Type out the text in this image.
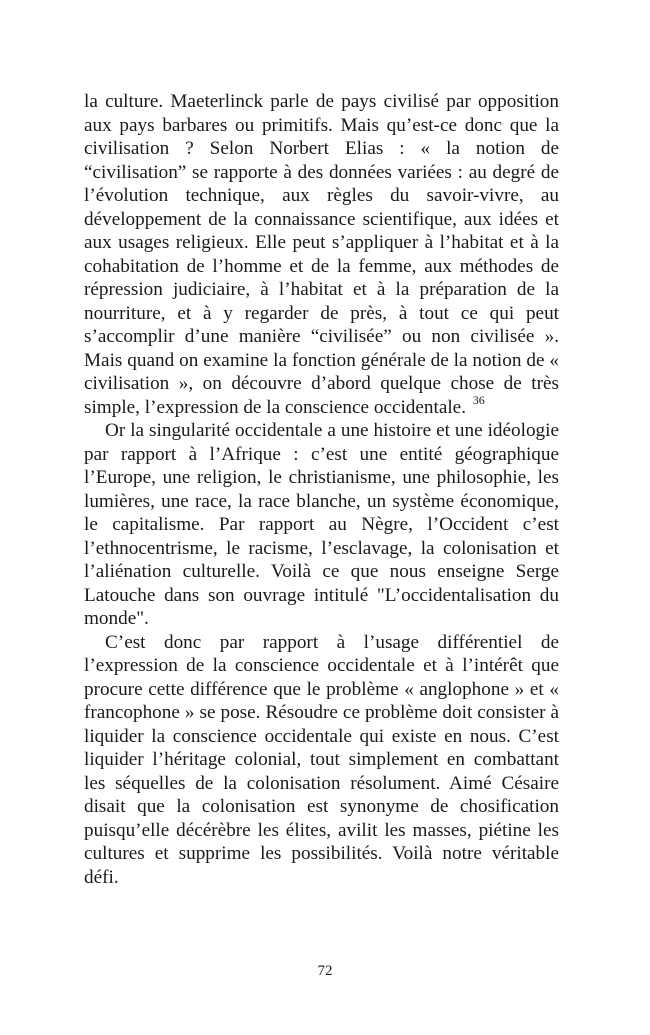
la culture. Maeterlinck parle de pays civilisé par opposition aux pays barbares ou primitifs. Mais qu’est-ce donc que la civilisation ? Selon Norbert Elias : « la notion de “civilisation” se rapporte à des données variées : au degré de l’évolution technique, aux règles du savoir-vivre, au développement de la connaissance scientifique, aux idées et aux usages religieux. Elle peut s’appliquer à l’habitat et à la cohabitation de l’homme et de la femme, aux méthodes de répression judiciaire, à l’habitat et à la préparation de la nourriture, et à y regarder de près, à tout ce qui peut s’accomplir d’une manière “civilisée” ou non civilisée ». Mais quand on examine la fonction générale de la notion de « civilisation », on découvre d’abord quelque chose de très simple, l’expression de la conscience occidentale. $^{36}$

Or la singularité occidentale a une histoire et une idéologie par rapport à l’Afrique : c’est une entité géographique l’Europe, une religion, le christianisme, une philosophie, les lumières, une race, la race blanche, un système économique, le capitalisme. Par rapport au Nègre, l’Occident c’est l’ethnocentrisme, le racisme, l’esclavage, la colonisation et l’aliénation culturelle. Voilà ce que nous enseigne Serge Latouche dans son ouvrage intitulé "L’occidentalisation du monde".

C’est donc par rapport à l’usage différentiel de l’expression de la conscience occidentale et à l’intérêt que procure cette différence que le problème « anglophone » et « francophone » se pose. Résoudre ce problème doit consister à liquider la conscience occidentale qui existe en nous. C’est liquider l’héritage colonial, tout simplement en combattant les séquelles de la colonisation résolument. Aimé Césaire disait que la colonisation est synonyme de chosification puisqu’elle décérèbre les élites, avilit les masses, piétine les cultures et supprime les possibilités. Voilà notre véritable défi.

72
